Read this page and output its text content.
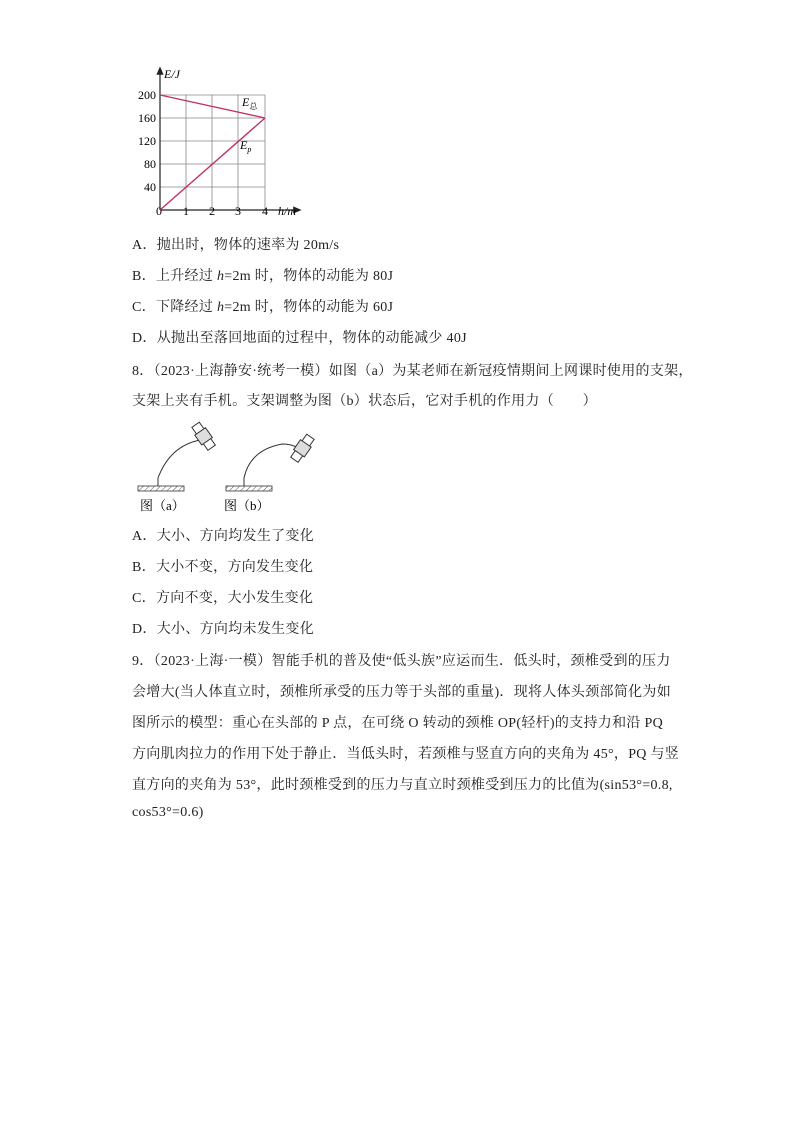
E/J
h/m
0
200
160
120
80
40
1 2 3 4
$E_总$
$E_p$
A．抛出时，物体的速率为 20m/s
B．上升经过 h=2m 时，物体的动能为 80J
C．下降经过 h=2m 时，物体的动能为 60J
D．从抛出至落回地面的过程中，物体的动能减少 40J
8．（2023·上海静安·统考一模）如图（a）为某老师在新冠疫情期间上网课时使用的支架，
支架上夹有手机。支架调整为图（b）状态后，它对手机的作用力（　　）
图（a）	图（b）
A．大小、方向均发生了变化
B．大小不变，方向发生变化
C．方向不变，大小发生变化
D．大小、方向均未发生变化
9．（2023·上海·一模）智能手机的普及使“低头族”应运而生．低头时，颈椎受到的压力
会增大(当人体直立时，颈椎所承受的压力等于头部的重量)．现将人体头颈部简化为如
图所示的模型：重心在头部的 P 点，在可绕 O 转动的颈椎 OP(轻杆)的支持力和沿 PQ
方向肌肉拉力的作用下处于静止．当低头时，若颈椎与竖直方向的夹角为 45°，PQ 与竖
直方向的夹角为 53°，此时颈椎受到的压力与直立时颈椎受到压力的比值为(sin53°=0.8,
cos53°=0.6)
